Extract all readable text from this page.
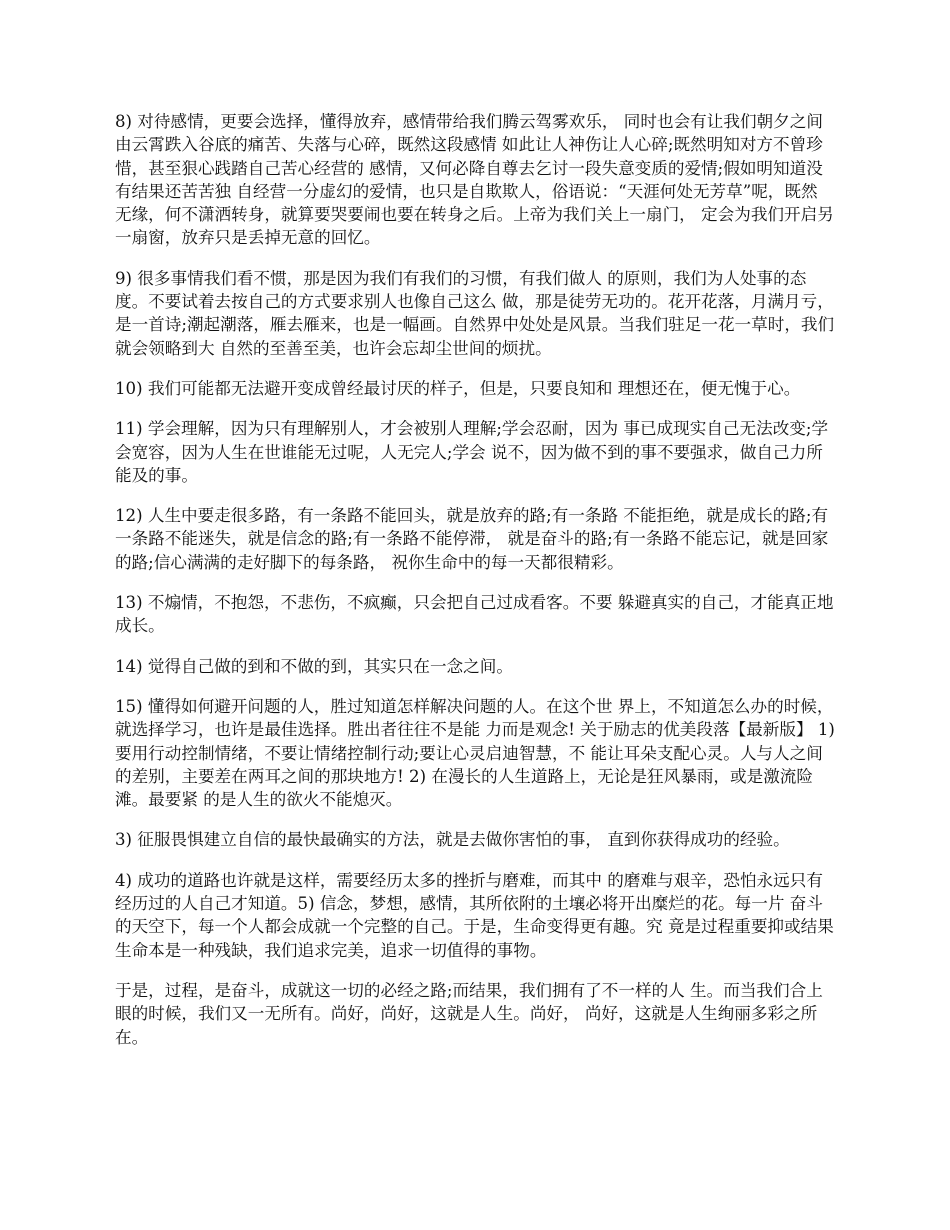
8) 对待感情，更要会选择，懂得放弃，感情带给我们腾云驾雾欢乐， 同时也会有让我们朝夕之间由云霄跌入谷底的痛苦、失落与心碎，既然这段感情 如此让人神伤让人心碎;既然明知对方不曾珍惜，甚至狠心践踏自己苦心经营的 感情，又何必降自尊去乞讨一段失意变质的爱情;假如明知道没有结果还苦苦独 自经营一分虚幻的爱情，也只是自欺欺人，俗语说：“天涯何处无芳草”呢，既然 无缘，何不潇洒转身，就算要哭要闹也要在转身之后。上帝为我们关上一扇门， 定会为我们开启另一扇窗，放弃只是丢掉无意的回忆。

9) 很多事情我们看不惯，那是因为我们有我们的习惯，有我们做人 的原则，我们为人处事的态度。不要试着去按自己的方式要求别人也像自己这么 做，那是徒劳无功的。花开花落，月满月亏，是一首诗;潮起潮落，雁去雁来，也是一幅画。自然界中处处是风景。当我们驻足一花一草时，我们就会领略到大 自然的至善至美，也许会忘却尘世间的烦扰。

10) 我们可能都无法避开变成曾经最讨厌的样子，但是，只要良知和 理想还在，便无愧于心。

11) 学会理解，因为只有理解别人，才会被别人理解;学会忍耐，因为 事已成现实自己无法改变;学会宽容，因为人生在世谁能无过呢，人无完人;学会 说不，因为做不到的事不要强求，做自己力所能及的事。

12) 人生中要走很多路，有一条路不能回头，就是放弃的路;有一条路 不能拒绝，就是成长的路;有一条路不能迷失，就是信念的路;有一条路不能停滞， 就是奋斗的路;有一条路不能忘记，就是回家的路;信心满满的走好脚下的每条路， 祝你生命中的每一天都很精彩。

13) 不煽情，不抱怨，不悲伤，不疯癫，只会把自己过成看客。不要 躲避真实的自己，才能真正地成长。

14) 觉得自己做的到和不做的到，其实只在一念之间。

15) 懂得如何避开问题的人，胜过知道怎样解决问题的人。在这个世 界上，不知道怎么办的时候，就选择学习，也许是最佳选择。胜出者往往不是能 力而是观念! 关于励志的优美段落【最新版】 1) 要用行动控制情绪，不要让情绪控制行动;要让心灵启迪智慧，不 能让耳朵支配心灵。人与人之间的差别，主要差在两耳之间的那块地方! 2) 在漫长的人生道路上，无论是狂风暴雨，或是激流险滩。最要紧 的是人生的欲火不能熄灭。

3) 征服畏惧建立自信的最快最确实的方法，就是去做你害怕的事， 直到你获得成功的经验。

4) 成功的道路也许就是这样，需要经历太多的挫折与磨难，而其中 的磨难与艰辛，恐怕永远只有经历过的人自己才知道。5) 信念，梦想，感情，其所依附的土壤必将开出糜烂的花。每一片 奋斗的天空下，每一个人都会成就一个完整的自己。于是，生命变得更有趣。究 竟是过程重要抑或结果生命本是一种残缺，我们追求完美，追求一切值得的事物。

于是，过程，是奋斗，成就这一切的必经之路;而结果，我们拥有了不一样的人 生。而当我们合上眼的时候，我们又一无所有。尚好，尚好，这就是人生。尚好， 尚好，这就是人生绚丽多彩之所在。
